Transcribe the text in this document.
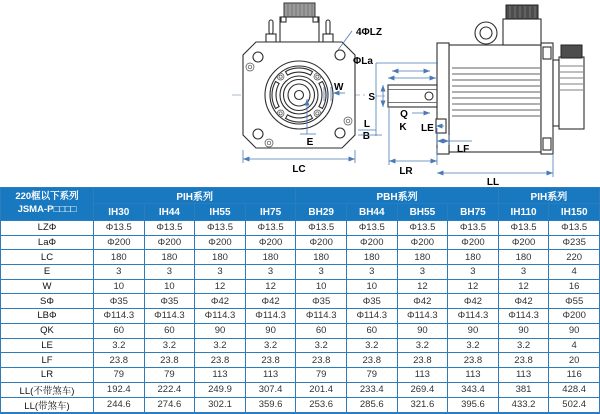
4ΦLZ
ΦLa
W
E
LC
S
Q
K
L
B
LE
LF
LR
LL
220框以下系列
JSMA-P□□□□	PIH系列				PBH系列				PIH系列	
	IH30	IH44	IH55	IH75	BH29	BH44	BH55	BH75	IH110	IH150
LZΦ	Φ13.5	Φ13.5	Φ13.5	Φ13.5	Φ13.5	Φ13.5	Φ13.5	Φ13.5	Φ13.5	Φ13.5
LaΦ	Φ200	Φ200	Φ200	Φ200	Φ200	Φ200	Φ200	Φ200	Φ200	Φ235
LC	180	180	180	180	180	180	180	180	180	220
E	3	3	3	3	3	3	3	3	3	4
W	10	10	12	12	10	10	12	12	12	16
SΦ	Φ35	Φ35	Φ42	Φ42	Φ35	Φ35	Φ42	Φ42	Φ42	Φ55
LBΦ	Φ114.3	Φ114.3	Φ114.3	Φ114.3	Φ114.3	Φ114.3	Φ114.3	Φ114.3	Φ114.3	Φ200
QK	60	60	90	90	60	60	90	90	90	90
LE	3.2	3.2	3.2	3.2	3.2	3.2	3.2	3.2	3.2	4
LF	23.8	23.8	23.8	23.8	23.8	23.8	23.8	23.8	23.8	20
LR	79	79	113	113	79	79	113	113	113	116
LL(不带煞车)	192.4	222.4	249.9	307.4	201.4	233.4	269.4	343.4	381	428.4
LL(带煞车)	244.6	274.6	302.1	359.6	253.6	285.6	321.6	395.6	433.2	502.4
